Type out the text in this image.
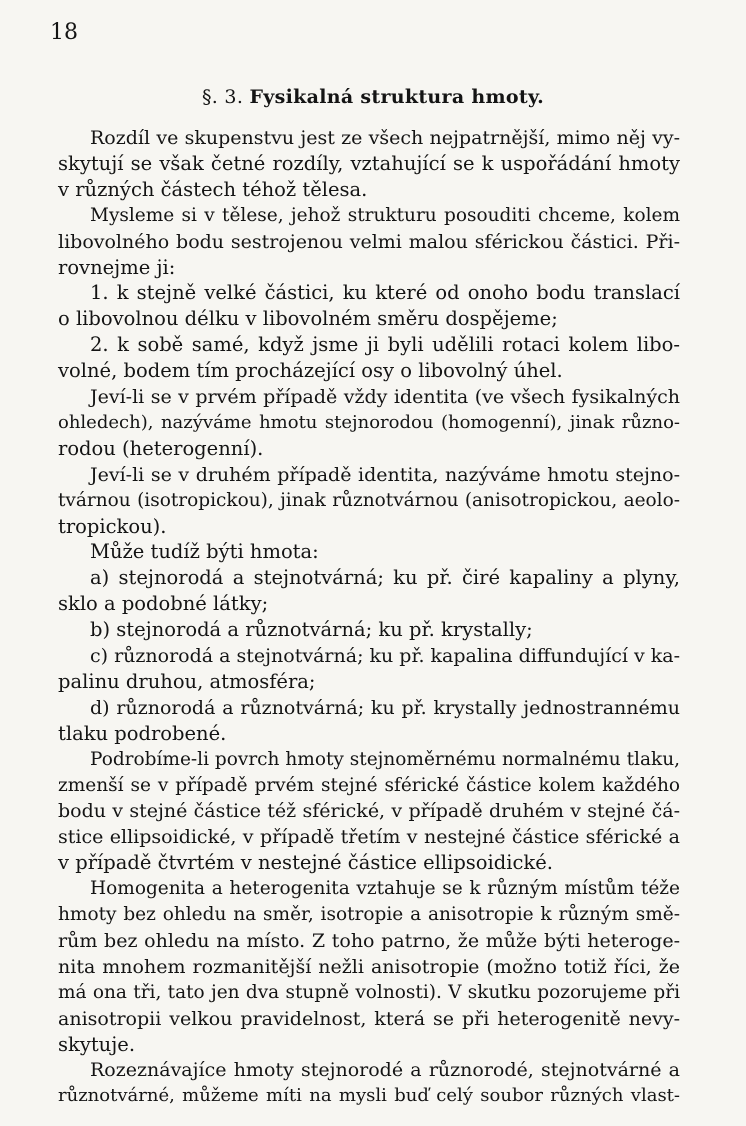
18
§. 3. Fysikalná struktura hmoty.
Rozdíl ve skupenstvu jest ze všech nejpatrnější, mimo něj vy-
skytují se však četné rozdíly, vztahující se k uspořádání hmoty
v různých částech téhož tělesa.
Mysleme si v tělese, jehož strukturu posouditi chceme, kolem
libovolného bodu sestrojenou velmi malou sférickou částici. Při-
rovnejme ji:
1. k stejně velké částici, ku které od onoho bodu translací
o libovolnou délku v libovolném směru dospějeme;
2. k sobě samé, když jsme ji byli udělili rotaci kolem libo-
volné, bodem tím procházející osy o libovolný úhel.
Jeví-li se v prvém případě vždy identita (ve všech fysikalných
ohledech), nazýváme hmotu stejnorodou (homogenní), jinak různo-
rodou (heterogenní).
Jeví-li se v druhém případě identita, nazýváme hmotu stejno-
tvárnou (isotropickou), jinak různotvárnou (anisotropickou, aeolo-
tropickou).
Může tudíž býti hmota:
a) stejnorodá a stejnotvárná; ku př. čiré kapaliny a plyny,
sklo a podobné látky;
b) stejnorodá a různotvárná; ku př. krystally;
c) různorodá a stejnotvárná; ku př. kapalina diffundující v ka-
palinu druhou, atmosféra;
d) různorodá a různotvárná; ku př. krystally jednostrannému
tlaku podrobené.
Podrobíme-li povrch hmoty stejnoměrnému normalnému tlaku,
zmenší se v případě prvém stejné sférické částice kolem každého
bodu v stejné částice též sférické, v případě druhém v stejné čá-
stice ellipsoidické, v případě třetím v nestejné částice sférické a
v případě čtvrtém v nestejné částice ellipsoidické.
Homogenita a heterogenita vztahuje se k různým místům téže
hmoty bez ohledu na směr, isotropie a anisotropie k různým smě-
rům bez ohledu na místo. Z toho patrno, že může býti heteroge-
nita mnohem rozmanitější nežli anisotropie (možno totiž říci, že
má ona tři, tato jen dva stupně volnosti). V skutku pozorujeme při
anisotropii velkou pravidelnost, která se při heterogenitě nevy-
skytuje.
Rozeznávajíce hmoty stejnorodé a různorodé, stejnotvárné a
různotvárné, můžeme míti na mysli buď celý soubor různých vlast-
